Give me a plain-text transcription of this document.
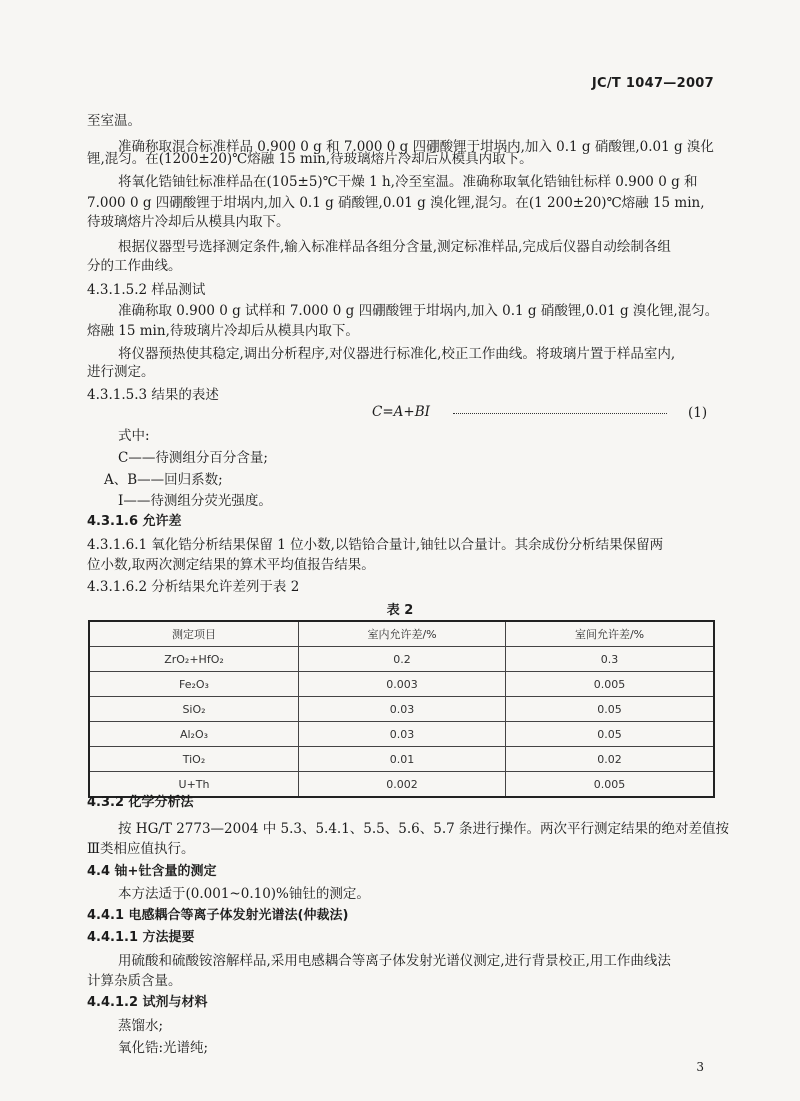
JC/T 1047—2007
至室温。
准确称取混合标准样品 0.900 0 g 和 7.000 0 g 四硼酸锂于坩埚内,加入 0.1 g 硝酸锂,0.01 g 溴化
锂,混匀。在(1200±20)℃熔融 15 min,待玻璃熔片冷却后从模具内取下。
将氧化锆铀钍标准样品在(105±5)℃干燥 1 h,冷至室温。准确称取氧化锆铀钍标样 0.900 0 g 和
7.000 0 g 四硼酸锂于坩埚内,加入 0.1 g 硝酸锂,0.01 g 溴化锂,混匀。在(1 200±20)℃熔融 15 min,
待玻璃熔片冷却后从模具内取下。
根据仪器型号选择测定条件,输入标准样品各组分含量,测定标准样品,完成后仪器自动绘制各组
分的工作曲线。
4.3.1.5.2 样品测试
准确称取 0.900 0 g 试样和 7.000 0 g 四硼酸锂于坩埚内,加入 0.1 g 硝酸锂,0.01 g 溴化锂,混匀。
熔融 15 min,待玻璃片冷却后从模具内取下。
将仪器预热使其稳定,调出分析程序,对仪器进行标准化,校正工作曲线。将玻璃片置于样品室内,
进行测定。
4.3.1.5.3 结果的表述
C=A+BI	(1)
式中:
C——待测组分百分含量;
A、B——回归系数;
I——待测组分荧光强度。
4.3.1.6 允许差
4.3.1.6.1 氧化锆分析结果保留 1 位小数,以锆铪合量计,铀钍以合量计。其余成份分析结果保留两
位小数,取两次测定结果的算术平均值报告结果。
4.3.1.6.2 分析结果允许差列于表 2
表 2
测定项目	室内允许差/%	室间允许差/%
ZrO₂+HfO₂	0.2	0.3
Fe₂O₃	0.003	0.005
SiO₂	0.03	0.05
Al₂O₃	0.03	0.05
TiO₂	0.01	0.02
U+Th	0.002	0.005
4.3.2 化学分析法
按 HG/T 2773—2004 中 5.3、5.4.1、5.5、5.6、5.7 条进行操作。两次平行测定结果的绝对差值按
Ⅲ类相应值执行。
4.4 铀+钍含量的测定
本方法适于(0.001~0.10)%铀钍的测定。
4.4.1 电感耦合等离子体发射光谱法(仲裁法)
4.4.1.1 方法提要
用硫酸和硫酸铵溶解样品,采用电感耦合等离子体发射光谱仪测定,进行背景校正,用工作曲线法
计算杂质含量。
4.4.1.2 试剂与材料
蒸馏水;
氧化锆:光谱纯;
3
